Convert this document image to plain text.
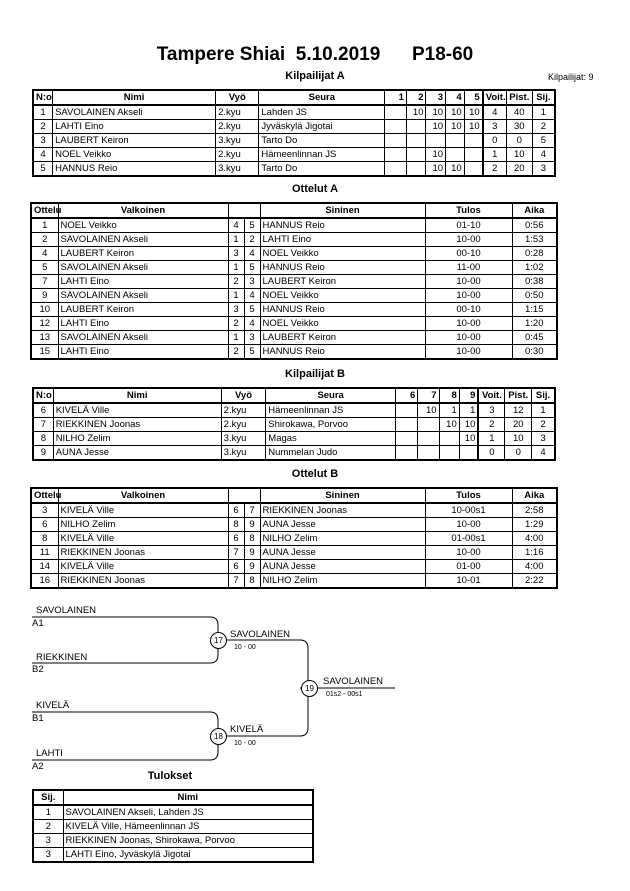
Tampere Shiai 5.10.2019 P18-60
Kilpailijat A	Kilpailijat: 9
N:o	Nimi	Vyö	Seura	1	2	3	4	5	Voit.	Pist.	Sij.
1	SAVOLAINEN Akseli	2.kyu	Lahden JS		10	10	10	10	4	40	1
2	LAHTI Eino	2.kyu	Jyväskylä Jigotai			10	10	10	3	30	2
3	LAUBERT Keiron	3.kyu	Tarto Do						0	0	5
4	NOEL Veikko	2.kyu	Hämeenlinnan JS			10			1	10	4
5	HANNUS Reio	3.kyu	Tarto Do			10	10		2	20	3
Ottelut A
Ottelu	Valkoinen			Sininen	Tulos	Aika
1	NOEL Veikko	4	5	HANNUS Reio	01-10	0:56
2	SAVOLAINEN Akseli	1	2	LAHTI Eino	10-00	1:53
4	LAUBERT Keiron	3	4	NOEL Veikko	00-10	0:28
5	SAVOLAINEN Akseli	1	5	HANNUS Reio	11-00	1:02
7	LAHTI Eino	2	3	LAUBERT Keiron	10-00	0:38
9	SAVOLAINEN Akseli	1	4	NOEL Veikko	10-00	0:50
10	LAUBERT Keiron	3	5	HANNUS Reio	00-10	1:15
12	LAHTI Eino	2	4	NOEL Veikko	10-00	1:20
13	SAVOLAINEN Akseli	1	3	LAUBERT Keiron	10-00	0:45
15	LAHTI Eino	2	5	HANNUS Reio	10-00	0:30
Kilpailijat B
N:o	Nimi	Vyö	Seura	6	7	8	9	Voit.	Pist.	Sij.
6	KIVELÄ Ville	2.kyu	Hämeenlinnan JS		10	1	1	3	12	1
7	RIEKKINEN Joonas	2.kyu	Shirokawa, Porvoo			10	10	2	20	2
8	NILHO Zelim	3.kyu	Magas				10	1	10	3
9	AUNA Jesse	3.kyu	Nummelan Judo					0	0	4
Ottelut B
Ottelu	Valkoinen			Sininen	Tulos	Aika
3	KIVELÄ Ville	6	7	RIEKKINEN Joonas	10-00s1	2:58
6	NILHO Zelim	8	9	AUNA Jesse	10-00	1:29
8	KIVELÄ Ville	6	8	NILHO Zelim	01-00s1	4:00
11	RIEKKINEN Joonas	7	9	AUNA Jesse	10-00	1:16
14	KIVELÄ Ville	6	9	AUNA Jesse	01-00	4:00
16	RIEKKINEN Joonas	7	8	NILHO Zelim	10-01	2:22
SAVOLAINEN
A1
RIEKKINEN
B2
17
SAVOLAINEN
10 - 00
KIVELÄ
B1
LAHTI
A2
18
KIVELÄ
10 - 00
19
SAVOLAINEN
01s2 - 00s1
Tulokset
Sij.	Nimi
1	SAVOLAINEN Akseli, Lahden JS
2	KIVELÄ Ville, Hämeenlinnan JS
3	RIEKKINEN Joonas, Shirokawa, Porvoo
3	LAHTI Eino, Jyväskylä Jigotai
